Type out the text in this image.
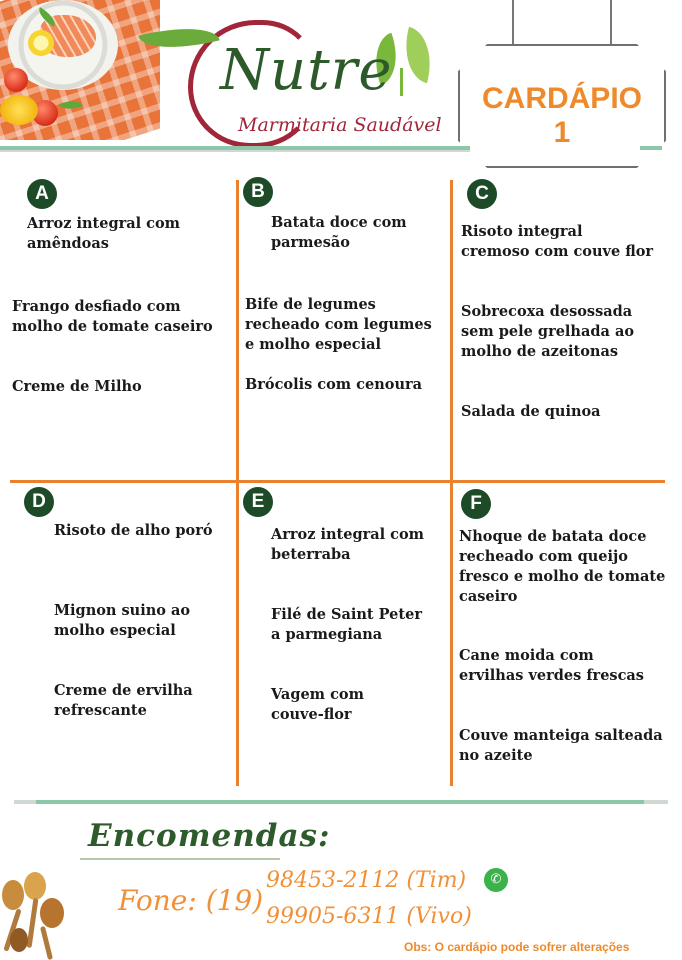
Nutre
Marmitaria Saudável
CARDÁPIO
1
A
Arroz integral com amêndoas
Frango desfiado com molho de tomate caseiro
Creme de Milho
B
Batata doce com parmesão
Bife de legumes recheado com legumes e molho especial
Brócolis com cenoura
C
Risoto integral cremoso com couve flor
Sobrecoxa desossada sem pele grelhada ao molho de azeitonas
Salada de quinoa
D
Risoto de alho poró
Mignon suino ao molho especial
Creme de ervilha refrescante
E
Arroz integral com beterraba
Filé de Saint Peter a parmegiana
Vagem com couve-flor
F
Nhoque de batata doce recheado com queijo fresco e molho de tomate caseiro
Cane moida com ervilhas verdes frescas
Couve manteiga salteada no azeite
Encomendas:
Fone: (19)
98453-2112 (Tim)	✆
99905-6311 (Vivo)
Obs: O cardápio pode sofrer alterações
